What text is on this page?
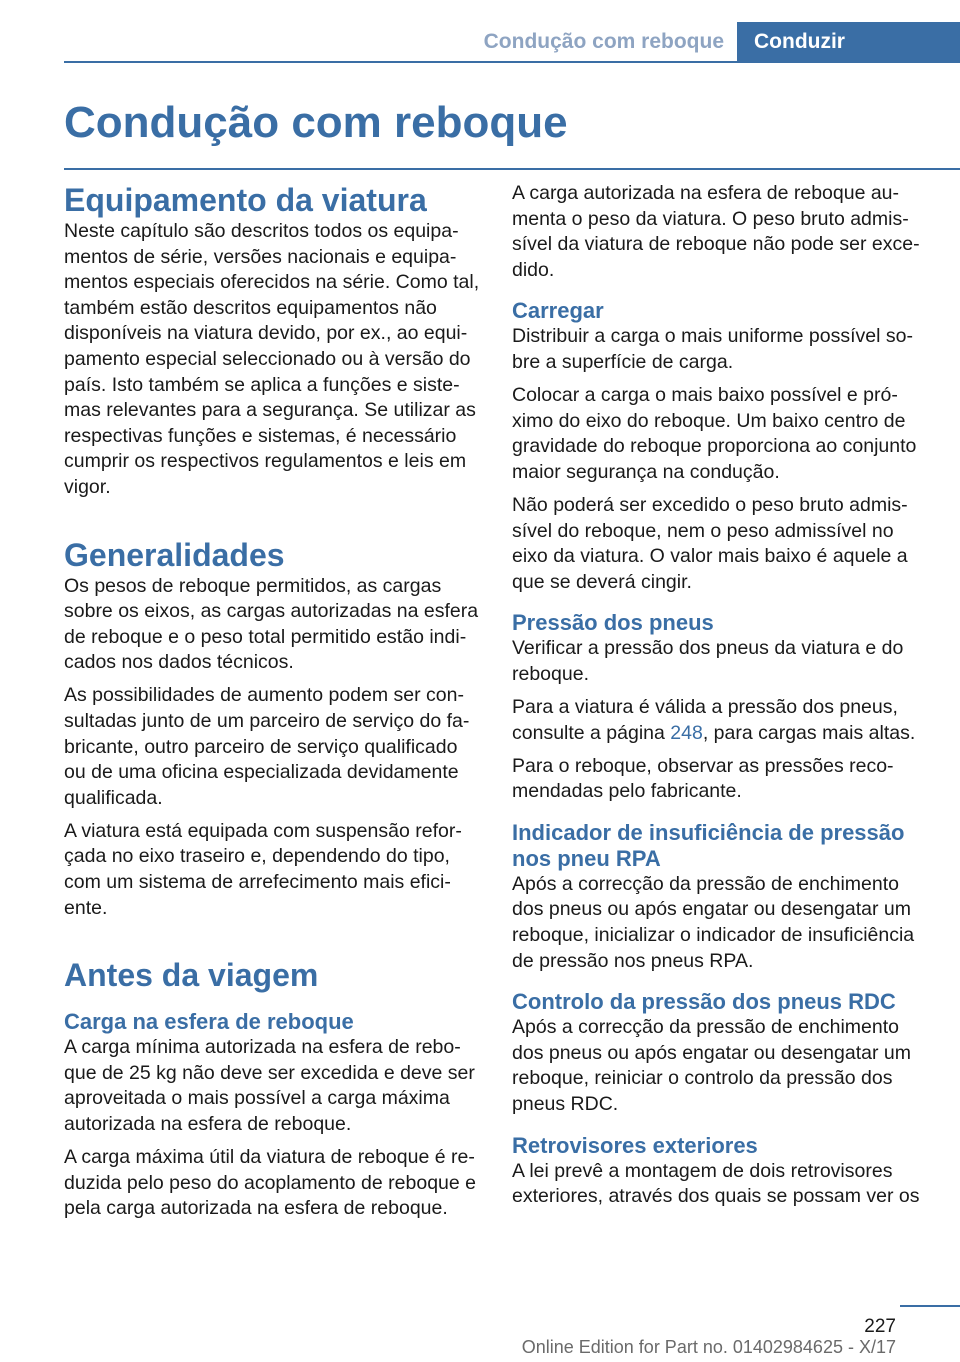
Condução com reboque	Conduzir
Condução com reboque
Equipamento da viatura

Neste capítulo são descritos todos os equipamentos de série, versões nacionais e equipamentos especiais oferecidos na série. Como tal, também estão descritos equipamentos não disponíveis na viatura devido, por ex., ao equipamento especial seleccionado ou à versão do país. Isto também se aplica a funções e sistemas relevantes para a segurança. Se utilizar as respectivas funções e sistemas, é necessário cumprir os respectivos regulamentos e leis em vigor.

Generalidades

Os pesos de reboque permitidos, as cargas sobre os eixos, as cargas autorizadas na esfera de reboque e o peso total permitido estão indicados nos dados técnicos.

As possibilidades de aumento podem ser consultadas junto de um parceiro de serviço do fabricante, outro parceiro de serviço qualificado ou de uma oficina especializada devidamente qualificada.

A viatura está equipada com suspensão reforçada no eixo traseiro e, dependendo do tipo, com um sistema de arrefecimento mais eficiente.

Antes da viagem
Carga na esfera de reboque

A carga mínima autorizada na esfera de reboque de 25 kg não deve ser excedida e deve ser aproveitada o mais possível a carga máxima autorizada na esfera de reboque.

A carga máxima útil da viatura de reboque é reduzida pelo peso do acoplamento de reboque e pela carga autorizada na esfera de reboque.

A carga autorizada na esfera de reboque aumenta o peso da viatura. O peso bruto admissível da viatura de reboque não pode ser excedido.

Carregar

Distribuir a carga o mais uniforme possível sobre a superfície de carga.

Colocar a carga o mais baixo possível e próximo do eixo do reboque. Um baixo centro de gravidade do reboque proporciona ao conjunto maior segurança na condução.

Não poderá ser excedido o peso bruto admissível do reboque, nem o peso admissível no eixo da viatura. O valor mais baixo é aquele a que se deverá cingir.

Pressão dos pneus

Verificar a pressão dos pneus da viatura e do reboque.

Para a viatura é válida a pressão dos pneus, consulte a página 248, para cargas mais altas.

Para o reboque, observar as pressões recomendadas pelo fabricante.

Indicador de insuficiência de pressão nos pneu RPA

Após a correcção da pressão de enchimento dos pneus ou após engatar ou desengatar um reboque, inicializar o indicador de insuficiência de pressão nos pneus RPA.

Controlo da pressão dos pneus RDC

Após a correcção da pressão de enchimento dos pneus ou após engatar ou desengatar um reboque, reiniciar o controlo da pressão dos pneus RDC.

Retrovisores exteriores

A lei prevê a montagem de dois retrovisores exteriores, através dos quais se possam ver os

227
Online Edition for Part no. 01402984625 - X/17
